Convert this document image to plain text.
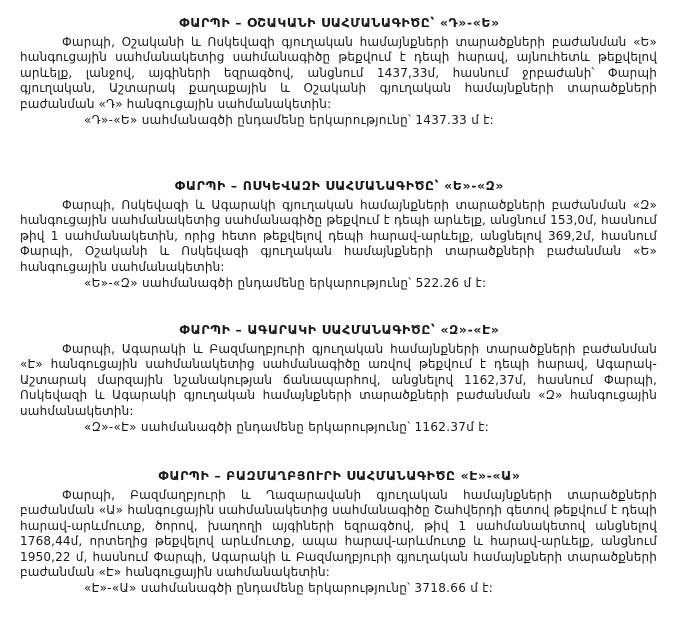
ՓԱՐՊԻ – ՕՇԱԿԱՆԻ ՍԱՀՄԱՆԱԳԻԾԸ՝ «Դ»-«Ե»

Փարպի, Օշականի և Ոսկեվազի գյուղական համայնքների տարածքների բաժանման «Ե» հանգուցային սահմանակետից սահմանագիծը թեքվում է դեպի հարավ, այնուհետև թեքվելով արևելք, լանջով, այգիների եզրագծով, անցնում 1437,33մ, հասնում ջրբաժանի՝ Փարպի գյուղական, Աշտարակ քաղաքային և Օշականի գյուղական համայնքների տարածքների բաժանման «Դ» հանգուցային սահմանակետին:

«Դ»-«Ե» սահմանագծի ընդամենը երկարությունը՝ 1437.33 մ է:

ՓԱՐՊԻ – ՈՍԿԵՎԱԶԻ ՍԱՀՄԱՆԱԳԻԾԸ՝ «Ե»-«Զ»

Փարպի, Ոսկեվազի և Ագարակի գյուղական համայնքների տարածքների բաժանման «Զ» հանգուցային սահմանակետից սահմանագիծը թեքվում է դեպի արևելք, անցնում 153,0մ, հասնում թիվ 1 սահմանակետին, որից հետո թեքվելով դեպի հարավ-արևելք, անցնելով 369,2մ, հասնում Փարպի, Օշականի և Ոսկեվազի գյուղական համայնքների տարածքների բաժանման «Ե» հանգուցային սահմանակետին:

«Ե»-«Զ» սահմանագծի ընդամենը երկարությունը՝ 522.26 մ է:

ՓԱՐՊԻ – ԱԳԱՐԱԿԻ ՍԱՀՄԱՆԱԳԻԾԸ՝ «Զ»-«Է»

Փարպի, Ագարակի և Բազմաղբյուրի գյուղական համայնքների տարածքների բաժանման «Է» հանգուցային սահմանակետից սահմանագիծը առվով թեքվում է դեպի հարավ, Ագարակ-Աշտարակ մարզային նշանակության ճանապարհով, անցնելով 1162,37մ, հասնում Փարպի, Ոսկեվազի և Ագարակի գյուղական համայնքների տարածքների բաժանման «Զ» հանգուցային սահմանակետին:

«Զ»-«Է» սահմանագծի ընդամենը երկարությունը՝ 1162.37մ է:

ՓԱՐՊԻ – ԲԱԶՄԱՂԲՅՈՒՐԻ ՍԱՀՄԱՆԱԳԻԾԸ «Է»-«Ա»

Փարպի, Բազմաղբյուրի և Ղազարավանի գյուղական համայնքների տարածքների բաժանման «Ա» հանգուցային սահմանակետից սահմանագիծը Շահվերդի գետով թեքվում է դեպի հարավ-արևմուտք, ծորով, խաղողի այգիների եզրագծով, թիվ 1 սահմանակետով անցնելով 1768,44մ, որտեղից թեքվելով արևմուտք, ապա հարավ-արևմուտք և հարավ-արևելք, անցնում 1950,22 մ, հասնում Փարպի, Ագարակի և Բազմաղբյուրի գյուղական համայնքների տարածքների բաժանման «Է» հանգուցային սահմանակետին:

«Է»-«Ա» սահմանագծի ընդամենը երկարությունը՝ 3718.66 մ է:
